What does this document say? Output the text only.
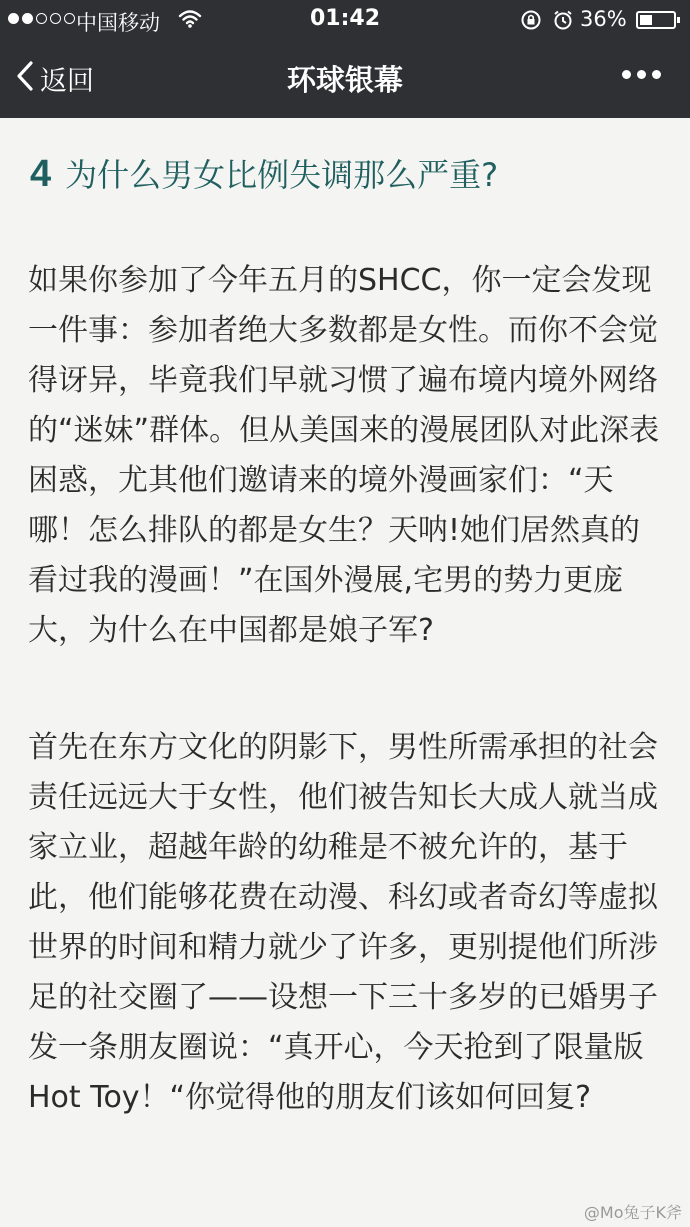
中国移动	01:42	36%
返回	环球银幕
4 为什么男女比例失调那么严重?

如果你参加了今年五月的SHCC，你一定会发现一件事：参加者绝大多数都是女性。而你不会觉得讶异，毕竟我们早就习惯了遍布境内境外网络的“迷妹”群体。但从美国来的漫展团队对此深表困惑，尤其他们邀请来的境外漫画家们：“天哪！怎么排队的都是女生？天呐!她们居然真的看过我的漫画！”在国外漫展,宅男的势力更庞大，为什么在中国都是娘子军?

首先在东方文化的阴影下，男性所需承担的社会责任远远大于女性，他们被告知长大成人就当成家立业，超越年龄的幼稚是不被允许的，基于此，他们能够花费在动漫、科幻或者奇幻等虚拟世界的时间和精力就少了许多，更别提他们所涉足的社交圈了——设想一下三十多岁的已婚男子发一条朋友圈说：“真开心，今天抢到了限量版Hot Toy！“你觉得他的朋友们该如何回复?

@Mo兔子K斧
